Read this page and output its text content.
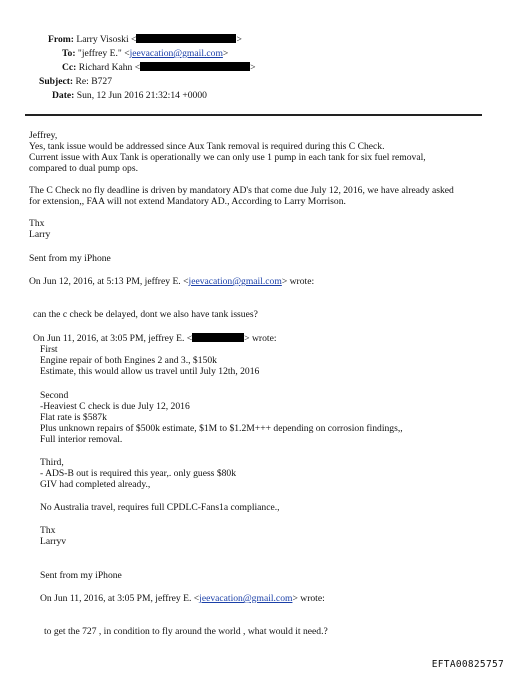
From: Larry Visoski <	>
To: "jeffrey E." <jeevacation@gmail.com>
Cc: Richard Kahn <	>
Subject: Re: B727
Date: Sun, 12 Jun 2016 21:32:14 +0000
Jeffrey,
Yes, tank issue would be addressed since Aux Tank removal is required during this C Check.
Current issue with Aux Tank is operationally we can only use 1 pump in each tank for six fuel removal,
compared to dual pump ops.
The C Check no fly deadline is driven by mandatory AD's that come due July 12, 2016, we have already asked
for extension,, FAA will not extend Mandatory AD., According to Larry Morrison.
Thx
Larry
Sent from my iPhone
On Jun 12, 2016, at 5:13 PM, jeffrey E. <jeevacation@gmail.com> wrote:
can the c check be delayed, dont we also have tank issues?
On Jun 11, 2016, at 3:05 PM, jeffrey E. <	> wrote:
First
Engine repair of both Engines 2 and 3., $150k
Estimate, this would allow us travel until July 12th, 2016
Second
-Heaviest C check is due July 12, 2016
Flat rate is $587k
Plus unknown repairs of $500k estimate, $1M to $1.2M+++ depending on corrosion findings,,
Full interior removal.
Third,
- ADS-B out is required this year,. only guess $80k
GIV had completed already.,
No Australia travel, requires full CPDLC-Fans1a compliance.,
Thx
Larryv
Sent from my iPhone
On Jun 11, 2016, at 3:05 PM, jeffrey E. <jeevacation@gmail.com> wrote:
to get the 727 , in condition to fly around the world , what would it need.?
EFTA00825757
